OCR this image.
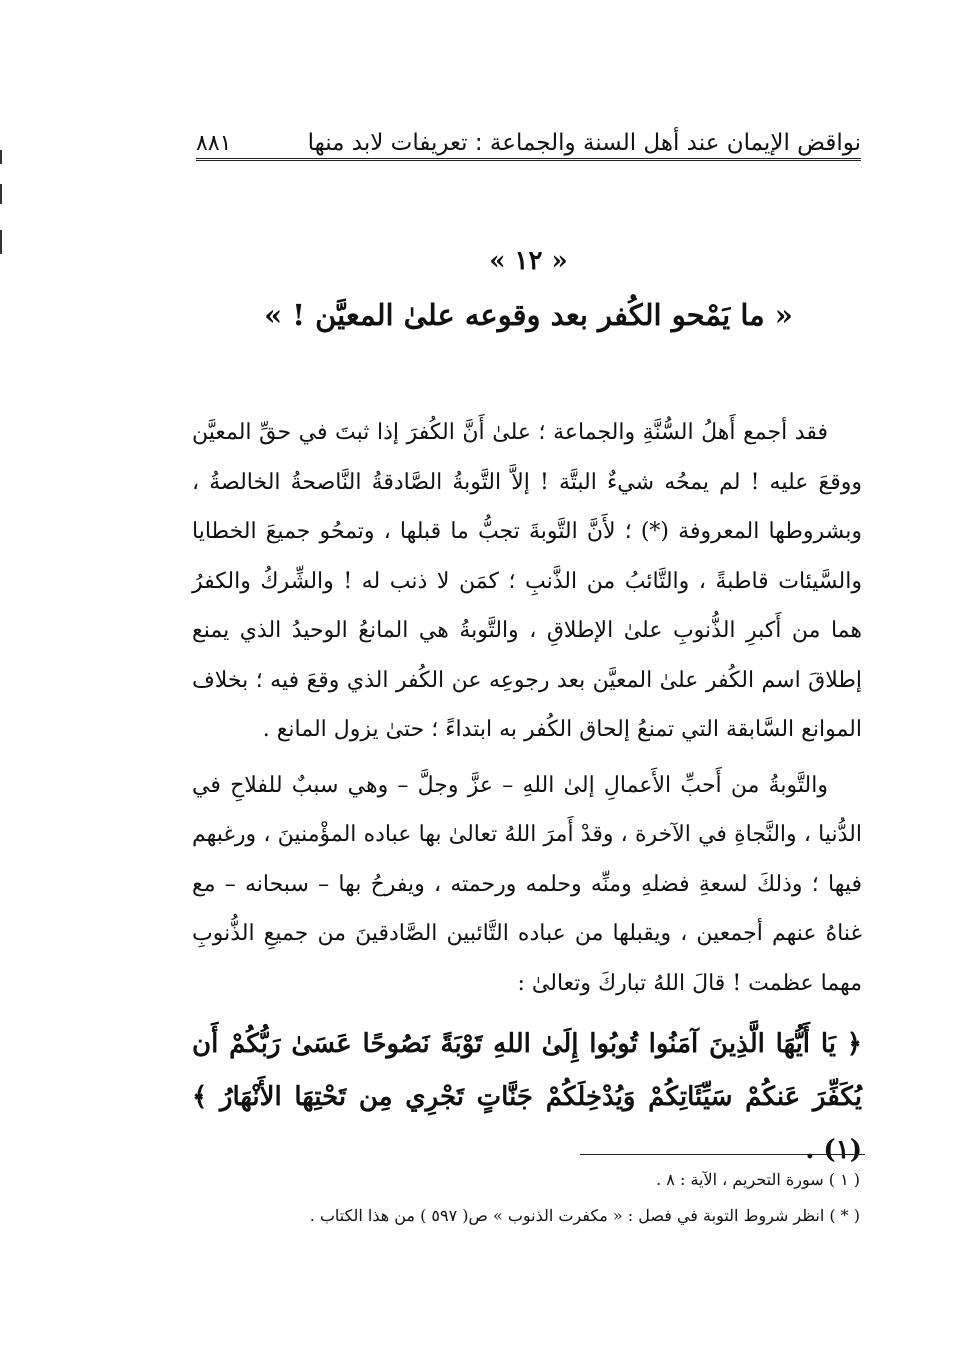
نواقض الإيمان عند أهل السنة والجماعة : تعريفات لابد منها
٨٨١
« ١٢ »
« ما يَمْحو الكُفر بعد وقوعه علىٰ المعيَّن ! »

فقد أجمع أَهلُ السُّنَّةِ والجماعة ؛ علىٰ أَنَّ الكُفرَ إذا ثبتَ في حقِّ المعيَّن ووقعَ عليه ! لم يمحُه شيءٌ البتَّة ! إلاَّ التَّوبةُ الصَّادقةُ النَّاصحةُ الخالصةُ ، وبشروطها المعروفة (*) ؛ لأَنَّ التَّوبةَ تجبُّ ما قبلها ، وتمحُو جميعَ الخطايا والسَّيئات قاطبةً ، والتَّائبُ من الذَّنبِ ؛ كمَن لا ذنب له ! والشِّركُ والكفرُ هما من أَكبرِ الذُّنوبِ علىٰ الإطلاقِ ، والتَّوبةُ هي المانعُ الوحيدُ الذي يمنع إطلاقَ اسم الكُفر علىٰ المعيَّن بعد رجوعِه عن الكُفر الذي وقعَ فيه ؛ بخلاف الموانع السَّابقة التي تمنعُ إلحاق الكُفر به ابتداءً ؛ حتىٰ يزول المانع .

والتَّوبةُ من أَحبِّ الأَعمالِ إلىٰ اللهِ – عزَّ وجلَّ – وهي سببٌ للفلاحِ في الدُّنيا ، والنَّجاةِ في الآخرة ، وقدْ أَمرَ اللهُ تعالىٰ بها عباده المؤْمنينَ ، ورغبهم فيها ؛ وذلكَ لسعةِ فضلهِ ومنِّه وحلمه ورحمته ، ويفرحُ بها – سبحانه – مع غناهُ عنهم أجمعين ، ويقبلها من عباده التَّائبين الصَّادقينَ من جميعِ الذُّنوبِ مهما عظمت ! قالَ اللهُ تباركَ وتعالىٰ :

﴿ يَا أَيُّهَا الَّذِينَ آمَنُوا تُوبُوا إِلَىٰ اللهِ تَوْبَةً نَصُوحًا عَسَىٰ رَبُّكُمْ أَن يُكَفِّرَ عَنكُمْ سَيِّئَاتِكُمْ وَيُدْخِلَكُمْ جَنَّاتٍ تَجْرِي مِن تَحْتِهَا الأَنْهَارُ ﴾(١) .

( ١ ) سورة التحريم ، الآية : ٨ .

( * ) انظر شروط التوبة في فصل : « مكفرت الذنوب » ص( ٥٩٧ ) من هذا الكتاب .
